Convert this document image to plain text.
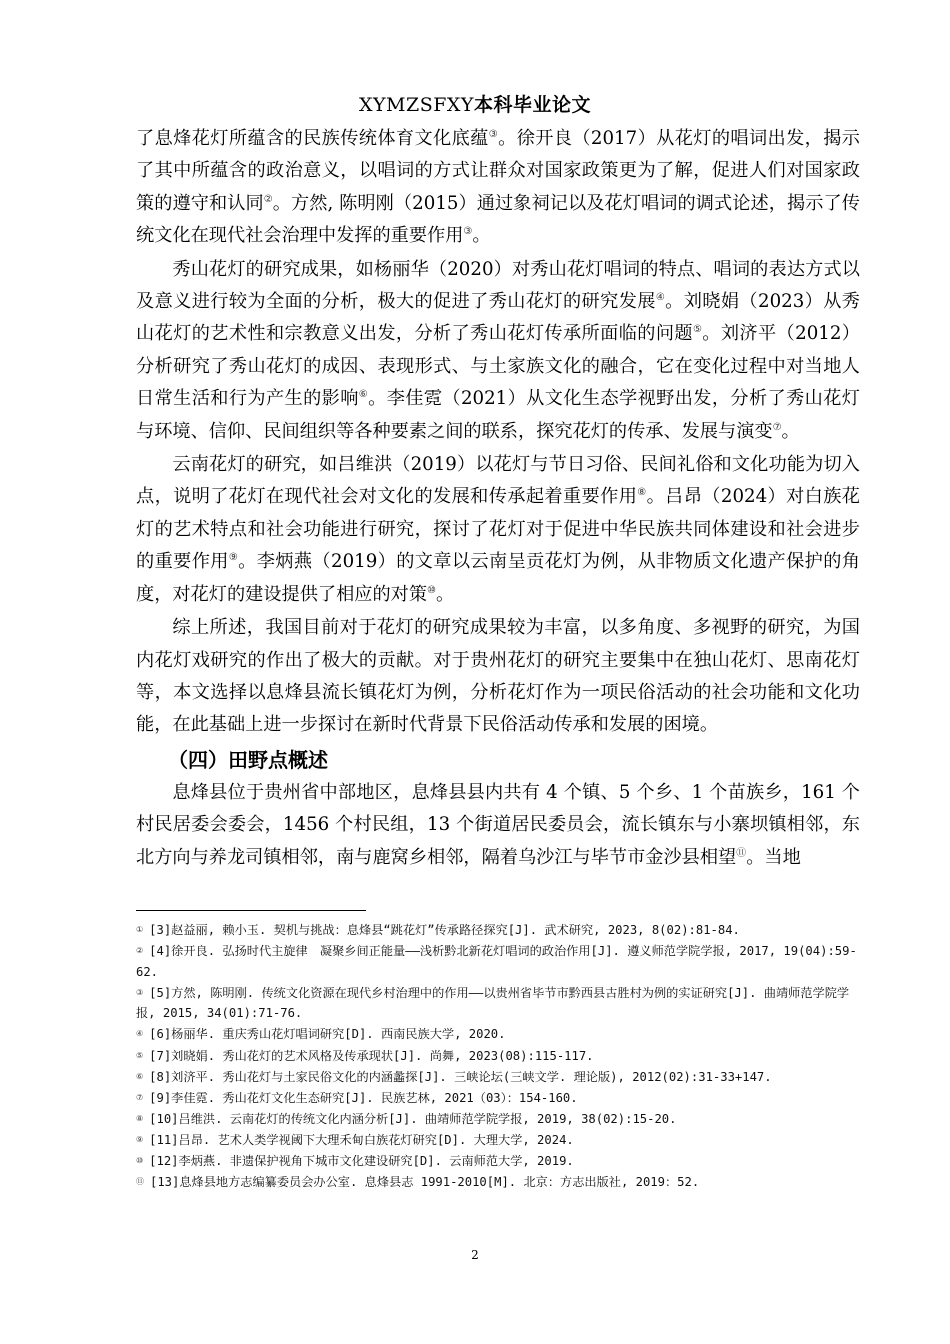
XYMZSFXY本科毕业论文

了息烽花灯所蕴含的民族传统体育文化底蕴③。徐开良（2017）从花灯的唱词出发，揭示了其中所蕴含的政治意义，以唱词的方式让群众对国家政策更为了解，促进人们对国家政策的遵守和认同②。方然, 陈明刚（2015）通过象祠记以及花灯唱词的调式论述，揭示了传统文化在现代社会治理中发挥的重要作用③。

秀山花灯的研究成果，如杨丽华（2020）对秀山花灯唱词的特点、唱词的表达方式以及意义进行较为全面的分析，极大的促进了秀山花灯的研究发展④。刘晓娟（2023）从秀山花灯的艺术性和宗教意义出发，分析了秀山花灯传承所面临的问题⑤。刘济平（2012）分析研究了秀山花灯的成因、表现形式、与土家族文化的融合，它在变化过程中对当地人日常生活和行为产生的影响⑥。李佳霓（2021）从文化生态学视野出发，分析了秀山花灯与环境、信仰、民间组织等各种要素之间的联系，探究花灯的传承、发展与演变⑦。

云南花灯的研究，如吕维洪（2019）以花灯与节日习俗、民间礼俗和文化功能为切入点，说明了花灯在现代社会对文化的发展和传承起着重要作用⑧。吕昂（2024）对白族花灯的艺术特点和社会功能进行研究，探讨了花灯对于促进中华民族共同体建设和社会进步的重要作用⑨。李炳燕（2019）的文章以云南呈贡花灯为例，从非物质文化遗产保护的角度，对花灯的建设提供了相应的对策⑩。

综上所述，我国目前对于花灯的研究成果较为丰富，以多角度、多视野的研究，为国内花灯戏研究的作出了极大的贡献。对于贵州花灯的研究主要集中在独山花灯、思南花灯等，本文选择以息烽县流长镇花灯为例，分析花灯作为一项民俗活动的社会功能和文化功能，在此基础上进一步探讨在新时代背景下民俗活动传承和发展的困境。

（四）田野点概述

息烽县位于贵州省中部地区，息烽县县内共有 4 个镇、5 个乡、1 个苗族乡，161 个村民居委会委会，1456 个村民组，13 个街道居民委员会，流长镇东与小寨坝镇相邻，东北方向与养龙司镇相邻，南与鹿窝乡相邻，隔着乌沙江与毕节市金沙县相望⑪。当地

① [3]赵益丽, 赖小玉. 契机与挑战：息烽县“跳花灯”传承路径探究[J]. 武术研究, 2023, 8(02):81-84.
② [4]徐开良. 弘扬时代主旋律　凝聚乡间正能量——浅析黔北新花灯唱词的政治作用[J]. 遵义师范学院学报, 2017, 19(04):59-62.
③ [5]方然, 陈明刚. 传统文化资源在现代乡村治理中的作用——以贵州省毕节市黔西县古胜村为例的实证研究[J]. 曲靖师范学院学报, 2015, 34(01):71-76.
④ [6]杨丽华. 重庆秀山花灯唱词研究[D]. 西南民族大学, 2020.
⑤ [7]刘晓娟. 秀山花灯的艺术风格及传承现状[J]. 尚舞, 2023(08):115-117.
⑥ [8]刘济平. 秀山花灯与土家民俗文化的内涵蠡探[J]. 三峡论坛(三峡文学. 理论版), 2012(02):31-33+147.
⑦ [9]李佳霓. 秀山花灯文化生态研究[J]. 民族艺林, 2021（03）：154-160.
⑧ [10]吕维洪. 云南花灯的传统文化内涵分析[J]. 曲靖师范学院学报, 2019, 38(02):15-20.
⑨ [11]吕昂. 艺术人类学视阈下大理禾甸白族花灯研究[D]. 大理大学, 2024.
⑩ [12]李炳燕. 非遗保护视角下城市文化建设研究[D]. 云南师范大学, 2019.
⑪ [13]息烽县地方志编纂委员会办公室. 息烽县志 1991-2010[M]. 北京：方志出版社, 2019：52.
2
